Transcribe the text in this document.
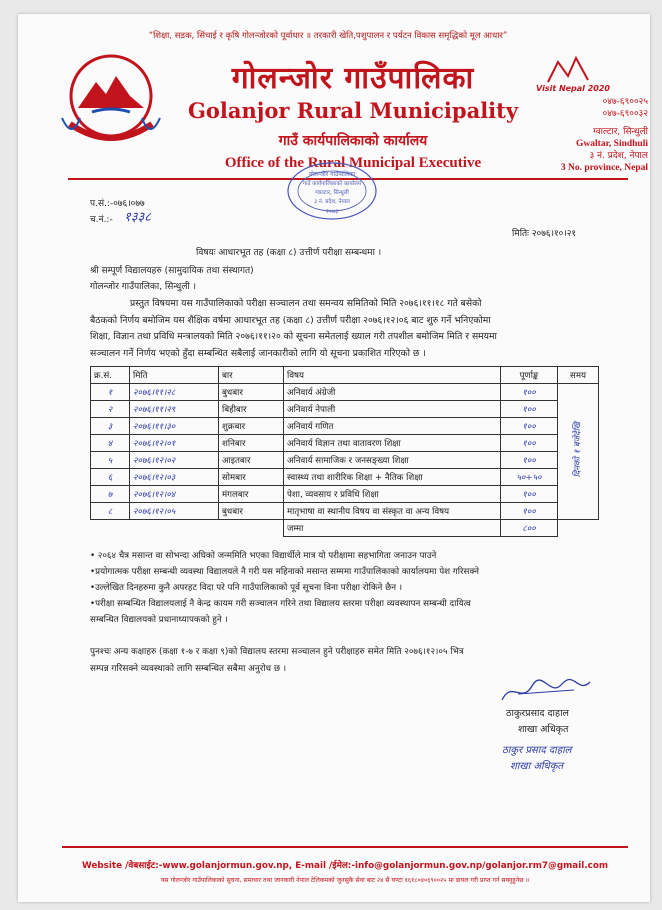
“शिक्षा, सडक, सिंचाई र कृषि गोलन्जोरको पूर्वाधार ॥ तरकारी खेति,पशुपालन र पर्यटन विकास समृद्धिको मूल आधार”
गोलन्जोर गाउँपालिका
Golanjor Rural Municipality
गाउँ कार्यपालिकाको कार्यालय
Office of the Rural Municipal Executive
Visit Nepal 2020
०४७-६९००२५
०४७-६९००३२
ग्वाल्टार, सिन्धुली
Gwaltar, Sindhuli
३ नं. प्रदेश, नेपाल
3 No. province, Nepal
गोलन्जोर गाउँपालिका
गाउँ कार्यपालिकाको कार्यालय
ग्वाल्टार, सिन्धुली
३ नं. प्रदेश, नेपाल
२०७३
प.सं.:-०७६।०७७
च.नं.:- १३३८
मितिः २०७६।१०।२१
विषयः आधारभूत तह (कक्षा ८) उत्तीर्ण परीक्षा सम्बन्धमा ।
श्री सम्पूर्ण विद्यालयहरु (सामुदायिक तथा संस्थागत)
गोलन्जोर गाउँपालिका, सिन्धुली ।
प्रस्तुत विषयमा यस गाउँपालिकाको परीक्षा सञ्चालन तथा समन्वय समितिको मिति २०७६।११।१८ गते बसेको
बैठकको निर्णय बमोजिम यस शैक्षिक वर्षमा आधारभूत तह (कक्षा ८) उत्तीर्ण परीक्षा २०७६।१२।०६ बाट शुरु गर्ने भनिएकोमा
शिक्षा, विज्ञान तथा प्रविधि मन्त्रालयको मिति २०७६।११।२० को सूचना समेतलाई ख्याल गरी तपशील बमोजिम मिति र समयमा
सञ्चालन गर्ने निर्णय भएको हुँदा सम्बन्धित सबैलाई जानकारीको लागि यो सूचना प्रकाशित गरिएको छ ।
क्र.सं.	मिति	बार	विषय	पूर्णाङ्क	समय
१	२०७६।११।२८	बुधबार	अनिवार्य अंग्रेजी	१००	दिनको १ बजेदेखि
२	२०७६।११।२९	बिहीबार	अनिवार्य नेपाली	१००	
३	२०७६।११।३०	शुक्रबार	अनिवार्य गणित	१००	
४	२०७६।१२।०१	शनिबार	अनिवार्य विज्ञान तथा वातावरण शिक्षा	१००	
५	२०७६।१२।०२	आइतबार	अनिवार्य सामाजिक र जनसङ्ख्या शिक्षा	१००	
६	२०७६।१२।०३	सोमबार	स्वास्थ्य तथा शारीरिक शिक्षा + नैतिक शिक्षा	५०+५०	
७	२०७६।१२।०४	मंगलबार	पेशा, व्यवसाय र प्रविधि शिक्षा	१००	
८	२०७६।१२।०५	बुधबार	मातृभाषा वा स्थानीय विषय वा संस्कृत वा अन्य विषय	१००	
			जम्मा	८००	
• २०६४ चैत्र मसान्त वा सोभन्दा अघिको जन्ममिति भएका विद्यार्थीले मात्र यो परीक्षामा सहभागिता जनाउन पाउने
•प्रयोगात्मक परीक्षा सम्बन्धी व्यवस्था विद्यालयले नै गरी यस महिनाको मसान्त सम्ममा गाउँपालिकाको कार्यालयमा पेश गरिसक्ने
•उल्लेखित दिनहरुमा कुनै अपरहट विदा परे पनि गाउँपालिकाको पूर्व सूचना विना परीक्षा रोकिने छैन ।
•परीक्षा सम्बन्धित विद्यालयलाई नै केन्द्र कायम गरी सञ्चालन गरिने तथा विद्यालय स्तरमा परीक्षा व्यवस्थापन सम्बन्धी दायित्व
सम्बन्धित विद्यालयको प्रधानाध्यापकको हुने ।
पुनश्चः अन्य कक्षाहरु (कक्षा १-७ र कक्षा ९)को विद्यालय स्तरमा सञ्चालन हुने परीक्षाहरु समेत मिति २०७६।१२।०५ भित्र
सम्पन्न गरिसक्ने व्यवस्थाको लागि सम्बन्धित सबैमा अनुरोध छ ।
ठाकुरप्रसाद दाहाल
शाखा अधिकृत
ठाकुर प्रसाद दाहाल
शाखा अधिकृत
Website /वेबसाईट:-www.golanjormun.gov.np, E-mail /ईमेल:-info@golanjormun.gov.np/golanjor.rm7@gmail.com
यस गोलन्जोर गाउँपालिकाको सुचना, समाचार तथा जानकारी नेपाल टेलिकमको जुनसुकै सेवा बाट २४ सै घण्टा १६१८०४०६९००२५ मा डायल गरी प्राप्त गर्न सक्नुहुनेछ ॥
